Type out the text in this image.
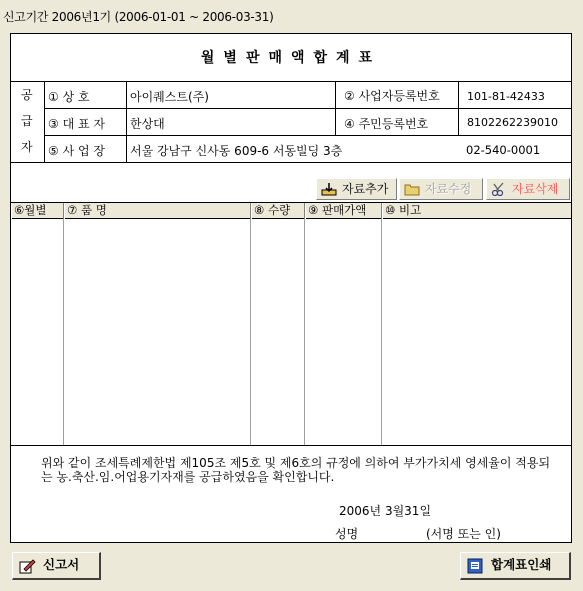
신고기간 2006년1기 (2006-01-01 ~ 2006-03-31)
월별판매액합계표
공
급
자
① 상 호	아이퀘스트(주)	② 사업자등록번호	101-81-42433
③ 대 표 자	한상대	④ 주민등록번호	8102262239010
⑤ 사 업 장	서울 강남구 신사동 609-6 서동빌딩 3층	02-540-0001
⑥월별	⑦ 품 명	⑧ 수량	⑨ 판매가액	⑩ 비고
위와 같이 조세특례제한법 제105조 제5호 및 제6호의 규정에 의하여 부가가치세 영세율이 적용되는 농.축산.임.어업용기자재를 공급하였음을 확인합니다.
2006년 3월31일
성명	(서명 또는 인)
자료추가	자료수정	자료삭제
신고서	합계표인쇄
